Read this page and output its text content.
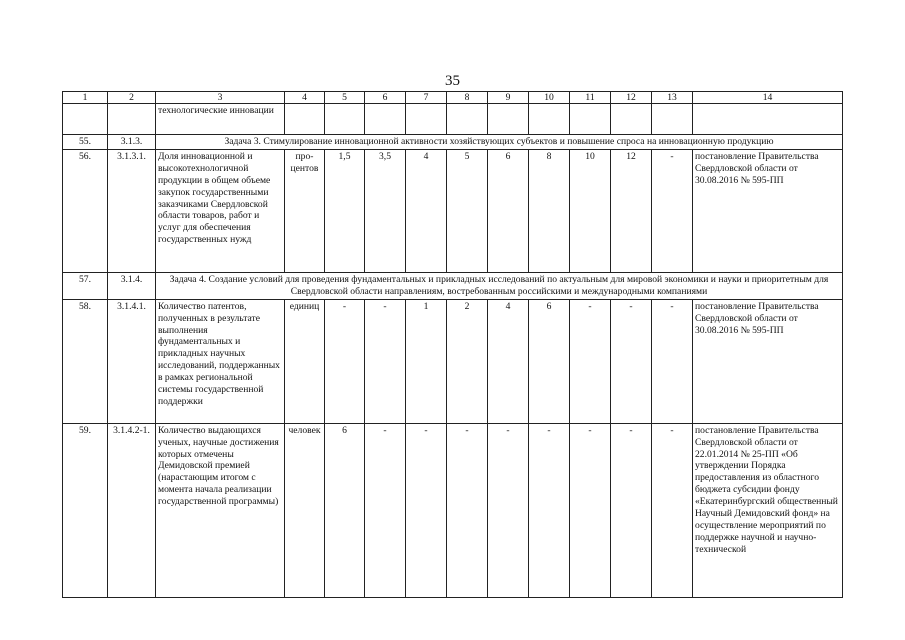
35
1	2	3	4	5	6	7	8	9	10	11	12	13	14
		технологические инновации											
55.	3.1.3.	Задача 3. Стимулирование инновационной активности хозяйствующих субъектов и повышение спроса на инновационную продукцию											
56.	3.1.3.1.	Доля инновационной и высокотехнологичной продукции в общем объеме закупок государственными заказчиками Свердловской области товаров, работ и услуг для обеспечения государственных нужд	про-центов	1,5	3,5	4	5	6	8	10	12	-	постановление Правительства Свердловской области от 30.08.2016 № 595-ПП
57.	3.1.4.	Задача 4. Создание условий для проведения фундаментальных и прикладных исследований по актуальным для мировой экономики и науки и приоритетным для Свердловской области направлениям, востребованным российскими и международными компаниями											
58.	3.1.4.1.	Количество патентов, полученных в результате выполнения фундаментальных и прикладных научных исследований, поддержанных в рамках региональной системы государственной поддержки	единиц	-	-	1	2	4	6	-	-	-	постановление Правительства Свердловской области от 30.08.2016 № 595-ПП
59.	3.1.4.2-1.	Количество выдающихся ученых, научные достижения которых отмечены Демидовской премией (нарастающим итогом с момента начала реализации государственной программы)	человек	6	-	-	-	-	-	-	-	-	постановление Правительства Свердловской области от 22.01.2014 № 25-ПП «Об утверждении Порядка предоставления из областного бюджета субсидии фонду «Екатеринбургский общественный Научный Демидовский фонд» на осуществление мероприятий по поддержке научной и научно-технической
